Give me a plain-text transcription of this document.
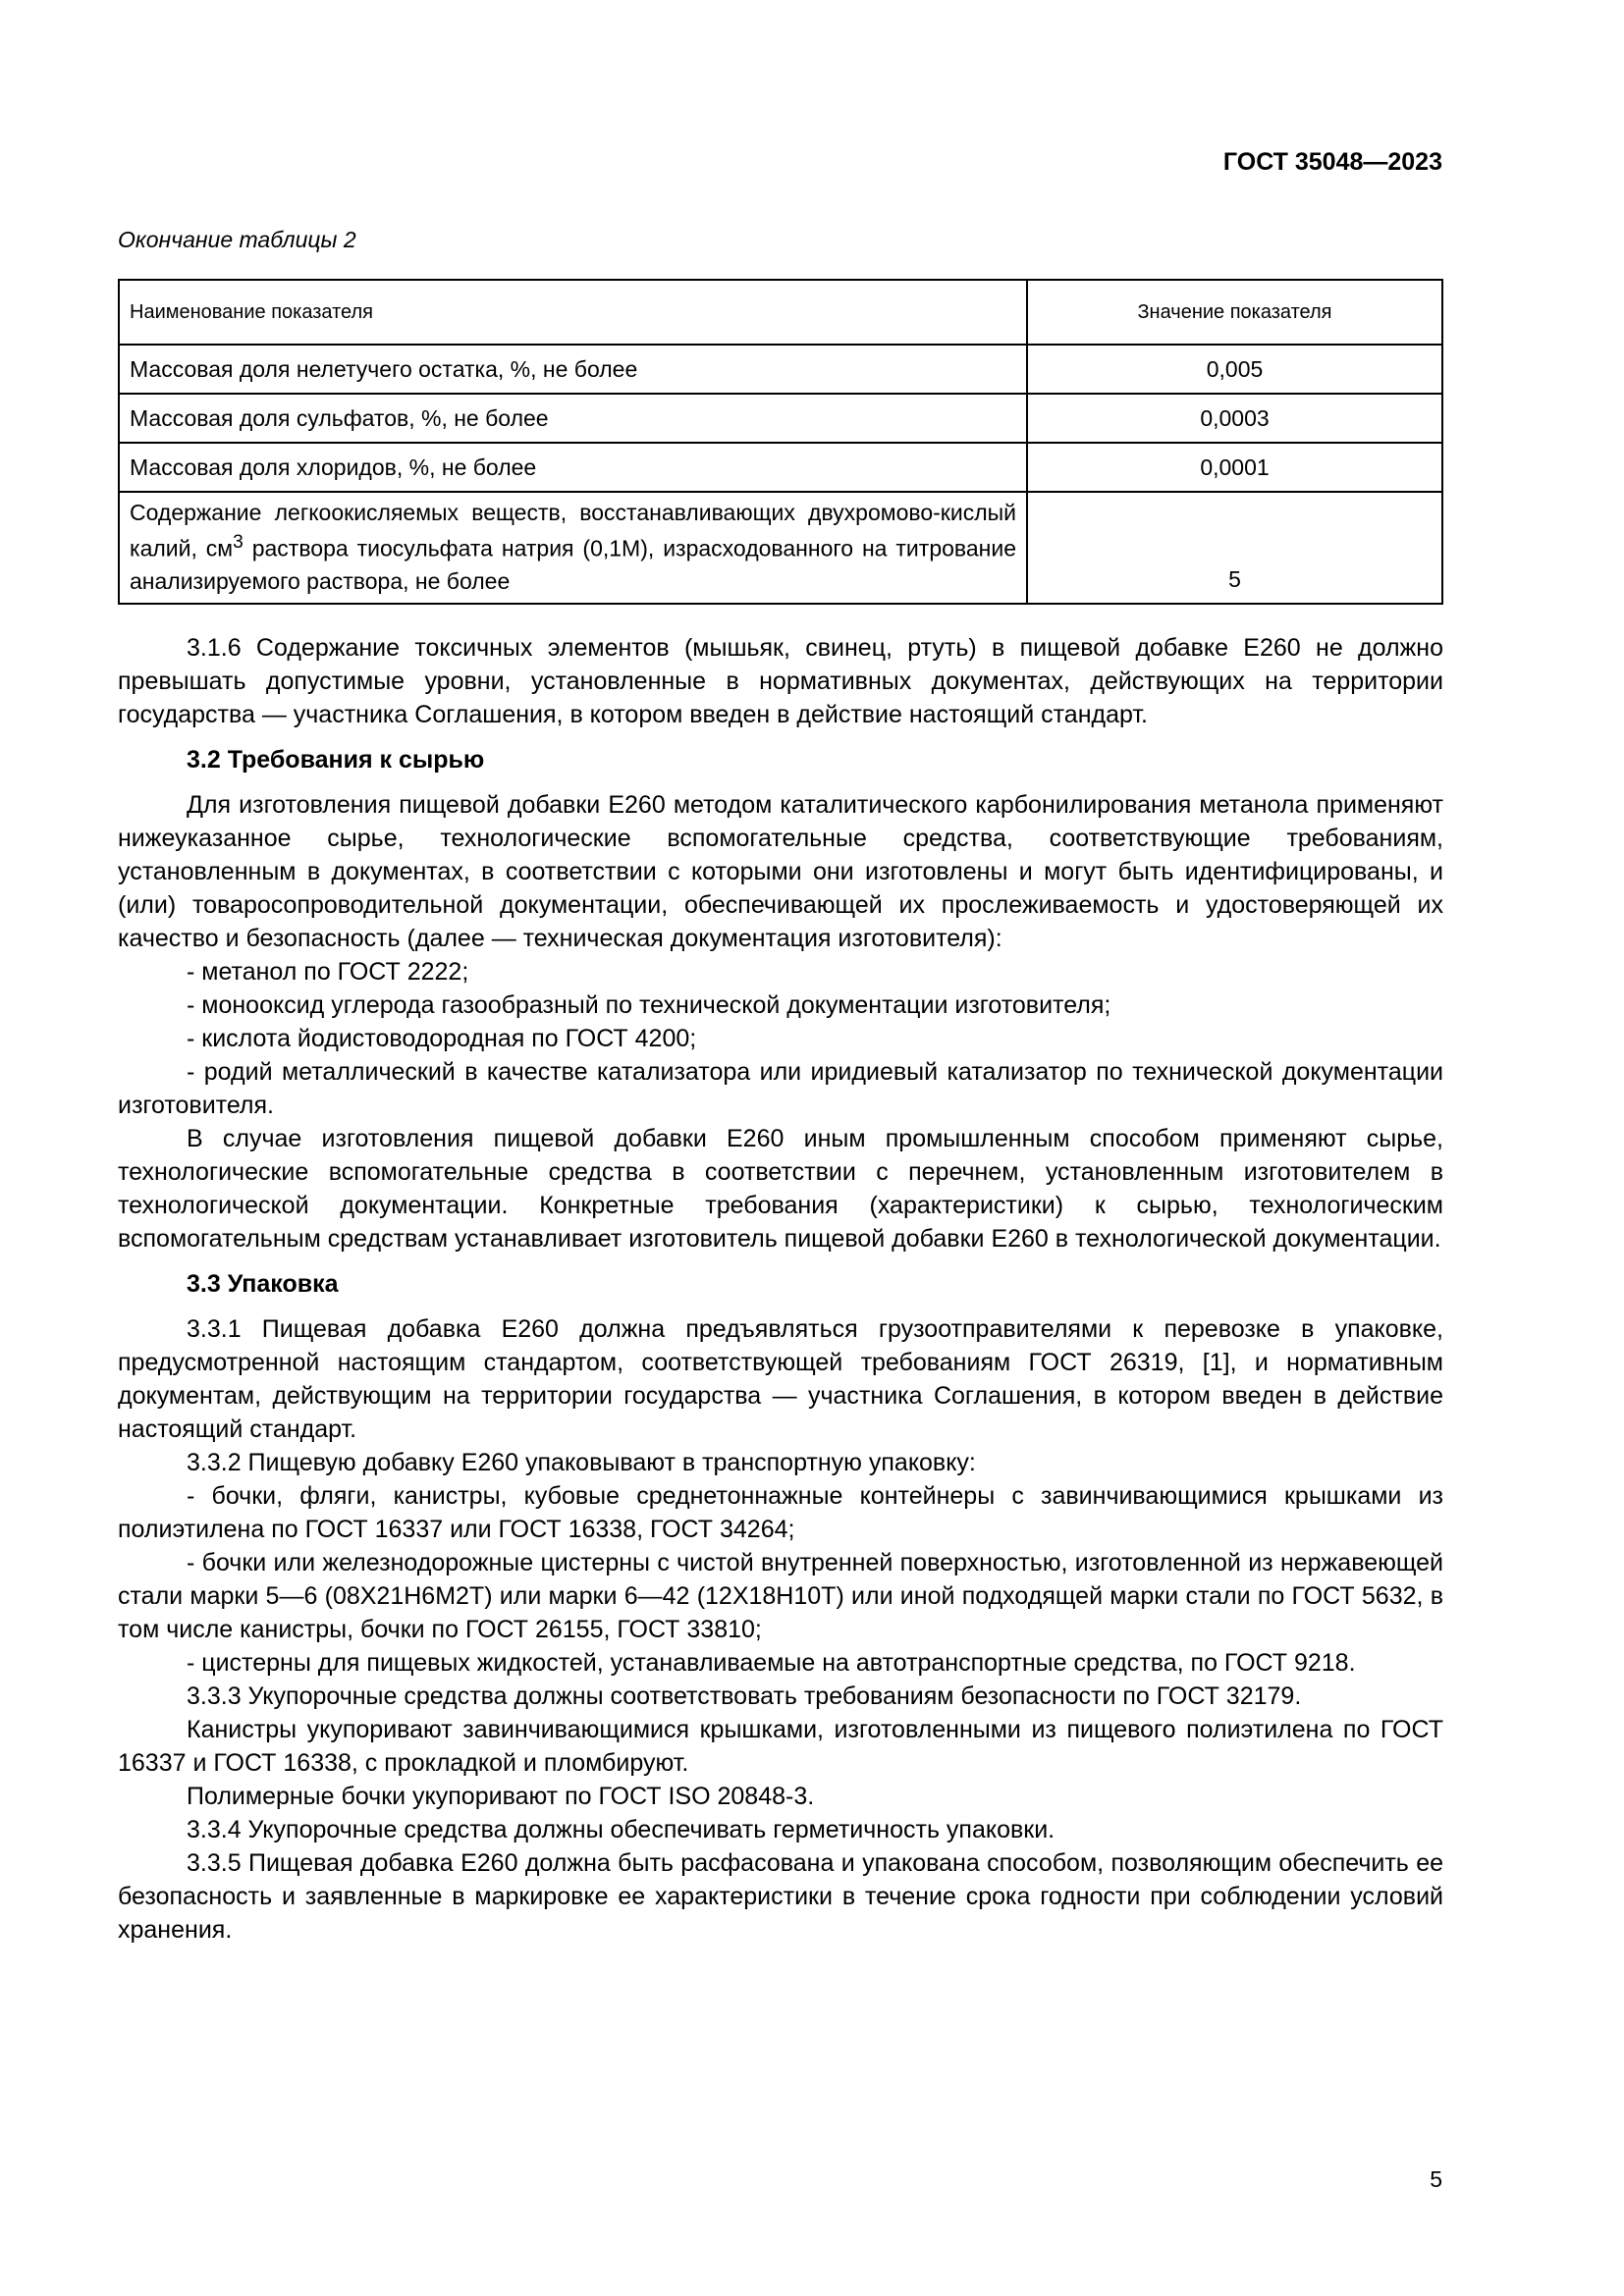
ГОСТ 35048—2023

Окончание таблицы 2

Наименование показателя	Значение показателя
Массовая доля нелетучего остатка, %, не более	0,005
Массовая доля сульфатов, %, не более	0,0003
Массовая доля хлоридов, %, не более	0,0001
Содержание легкоокисляемых веществ, восстанавливающих двухромово-кислый калий, $см^3$ раствора тиосульфата натрия (0,1М), израсходованного на титрование анализируемого раствора, не более	5

3.1.6 Содержание токсичных элементов (мышьяк, свинец, ртуть) в пищевой добавке Е260 не должно превышать допустимые уровни, установленные в нормативных документах, действующих на территории государства — участника Соглашения, в котором введен в действие настоящий стандарт.

3.2 Требования к сырью

Для изготовления пищевой добавки Е260 методом каталитического карбонилирования метанола применяют нижеуказанное сырье, технологические вспомогательные средства, соответствующие требованиям, установленным в документах, в соответствии с которыми они изготовлены и могут быть идентифицированы, и (или) товаросопроводительной документации, обеспечивающей их прослеживаемость и удостоверяющей их качество и безопасность (далее — техническая документация изготовителя):

- метанол по ГОСТ 2222;

- монооксид углерода газообразный по технической документации изготовителя;

- кислота йодистоводородная по ГОСТ 4200;

- родий металлический в качестве катализатора или иридиевый катализатор по технической документации изготовителя.

В случае изготовления пищевой добавки Е260 иным промышленным способом применяют сырье, технологические вспомогательные средства в соответствии с перечнем, установленным изготовителем в технологической документации. Конкретные требования (характеристики) к сырью, технологическим вспомогательным средствам устанавливает изготовитель пищевой добавки Е260 в технологической документации.

3.3 Упаковка

3.3.1 Пищевая добавка Е260 должна предъявляться грузоотправителями к перевозке в упаковке, предусмотренной настоящим стандартом, соответствующей требованиям ГОСТ 26319, [1], и нормативным документам, действующим на территории государства — участника Соглашения, в котором введен в действие настоящий стандарт.

3.3.2 Пищевую добавку Е260 упаковывают в транспортную упаковку:

- бочки, фляги, канистры, кубовые среднетоннажные контейнеры с завинчивающимися крышками из полиэтилена по ГОСТ 16337 или ГОСТ 16338, ГОСТ 34264;

- бочки или железнодорожные цистерны с чистой внутренней поверхностью, изготовленной из нержавеющей стали марки 5—6 (08Х21Н6М2Т) или марки 6—42 (12Х18Н10Т) или иной подходящей марки стали по ГОСТ 5632, в том числе канистры, бочки по ГОСТ 26155, ГОСТ 33810;

- цистерны для пищевых жидкостей, устанавливаемые на автотранспортные средства, по ГОСТ 9218.

3.3.3 Укупорочные средства должны соответствовать требованиям безопасности по ГОСТ 32179.

Канистры укупоривают завинчивающимися крышками, изготовленными из пищевого полиэтилена по ГОСТ 16337 и ГОСТ 16338, с прокладкой и пломбируют.

Полимерные бочки укупоривают по ГОСТ ISO 20848-3.

3.3.4 Укупорочные средства должны обеспечивать герметичность упаковки.

3.3.5 Пищевая добавка Е260 должна быть расфасована и упакована способом, позволяющим обеспечить ее безопасность и заявленные в маркировке ее характеристики в течение срока годности при соблюдении условий хранения.

5
